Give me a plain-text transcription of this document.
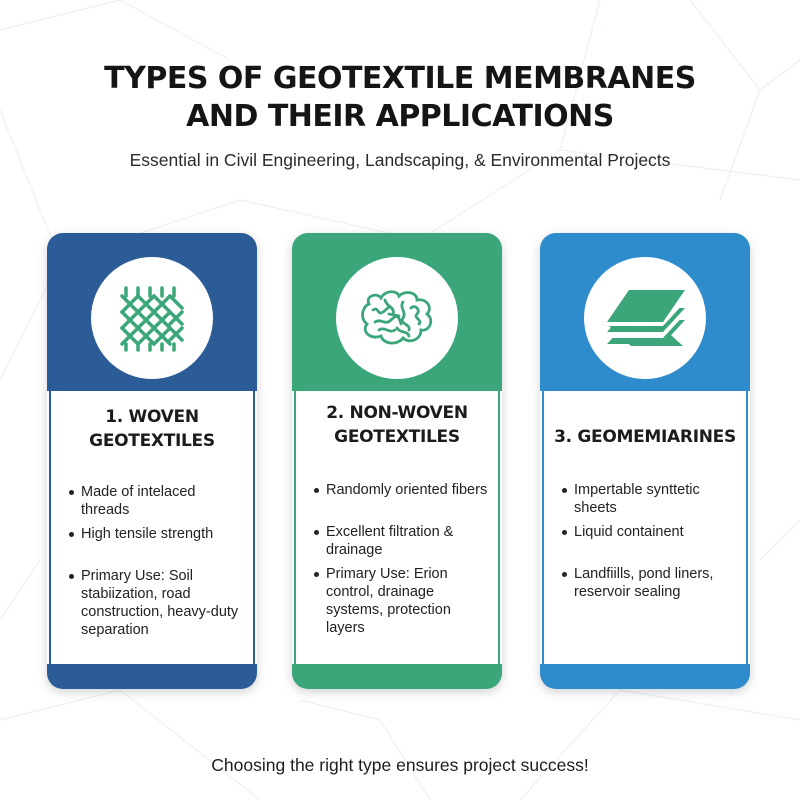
TYPES OF GEOTEXTILE MEMBRANES
AND THEIR APPLICATIONS
Essential in Civil Engineering, Landscaping, & Environmental Projects
1. WOVEN
GEOTEXTILES
Made of intelaced threads
High tensile strength
Primary Use: Soil stabiization, road construction, heavy-duty separation
2. NON-WOVEN
GEOTEXTILES
Randomly oriented fibers
Excellent filtration & drainage
Primary Use: Erion control, drainage systems, protection layers
3. GEOMEMIARINES
Impertable synttetic sheets
Liquid containent
Landfiills, pond liners, reservoir sealing
Choosing the right type ensures project success!
